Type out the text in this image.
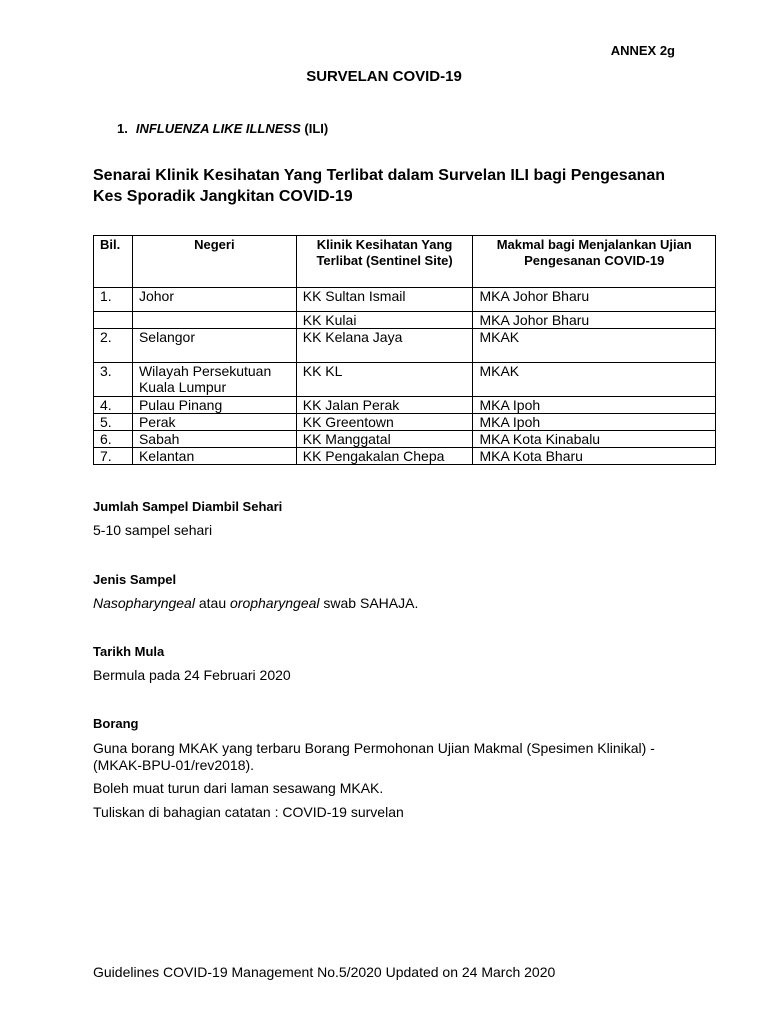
ANNEX 2g
SURVELAN COVID-19
1. INFLUENZA LIKE ILLNESS (ILI)
Senarai Klinik Kesihatan Yang Terlibat dalam Survelan ILI bagi Pengesanan Kes Sporadik Jangkitan COVID-19
Bil.	Negeri	Klinik Kesihatan Yang Terlibat (Sentinel Site)	Makmal bagi Menjalankan Ujian Pengesanan COVID-19
1.	Johor	KK Sultan Ismail	MKA Johor Bharu
		KK Kulai	MKA Johor Bharu
2.	Selangor	KK Kelana Jaya	MKAK
3.	Wilayah Persekutuan Kuala Lumpur	KK KL	MKAK
4.	Pulau Pinang	KK Jalan Perak	MKA Ipoh
5.	Perak	KK Greentown	MKA Ipoh
6.	Sabah	KK Manggatal	MKA Kota Kinabalu
7.	Kelantan	KK Pengakalan Chepa	MKA Kota Bharu
Jumlah Sampel Diambil Sehari
5-10 sampel sehari
Jenis Sampel
Nasopharyngeal atau oropharyngeal swab SAHAJA.
Tarikh Mula
Bermula pada 24 Februari 2020
Borang
Guna borang MKAK yang terbaru Borang Permohonan Ujian Makmal (Spesimen Klinikal) -(MKAK-BPU-01/rev2018).
Boleh muat turun dari laman sesawang MKAK.
Tuliskan di bahagian catatan : COVID-19 survelan
Guidelines COVID-19 Management No.5/2020 Updated on 24 March 2020
